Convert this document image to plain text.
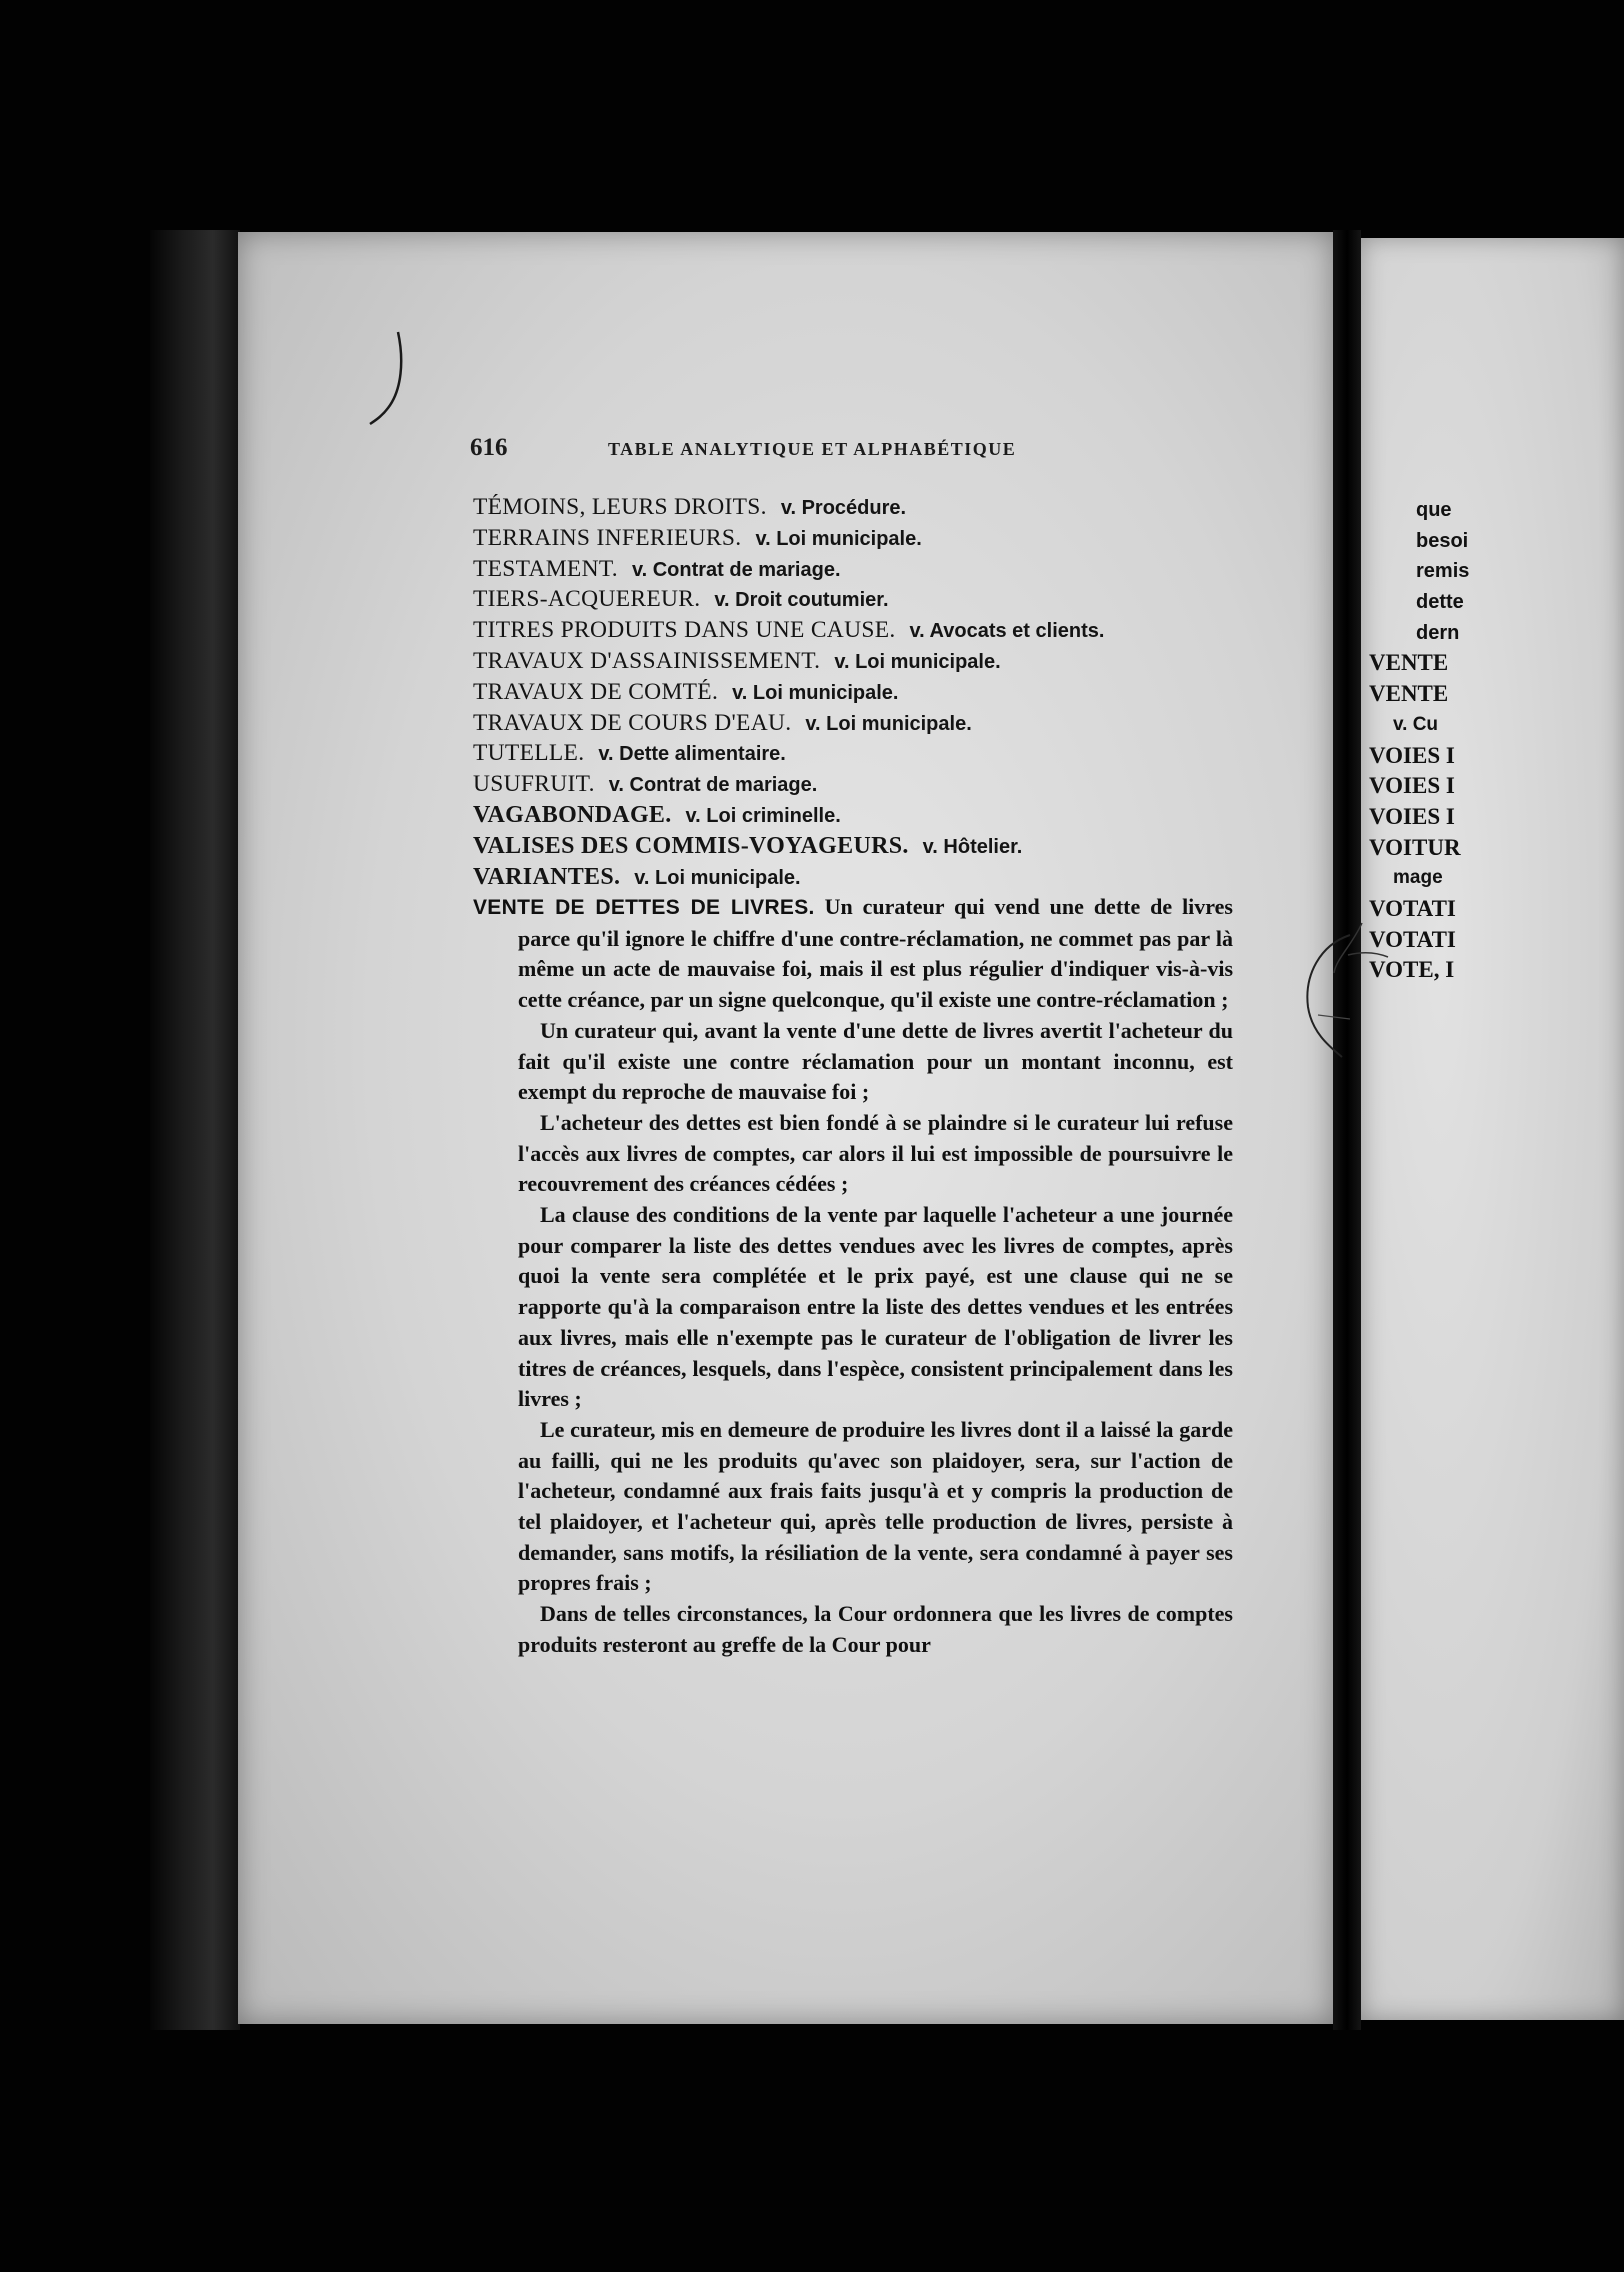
616	TABLE ANALYTIQUE ET ALPHABÉTIQUE
TÉMOINS, LEURS DROITS. v. Procédure.
TERRAINS INFERIEURS. v. Loi municipale.
TESTAMENT. v. Contrat de mariage.
TIERS-ACQUEREUR. v. Droit coutumier.
TITRES PRODUITS DANS UNE CAUSE. v. Avocats et clients.
TRAVAUX D'ASSAINISSEMENT. v. Loi municipale.
TRAVAUX DE COMTÉ. v. Loi municipale.
TRAVAUX DE COURS D'EAU. v. Loi municipale.
TUTELLE. v. Dette alimentaire.
USUFRUIT. v. Contrat de mariage.
VAGABONDAGE. v. Loi criminelle.
VALISES DES COMMIS-VOYAGEURS. v. Hôtelier.
VARIANTES. v. Loi municipale.

VENTE DE DETTES DE LIVRES. Un curateur qui vend une dette de livres parce qu'il ignore le chiffre d'une contre-réclamation, ne commet pas par là même un acte de mauvaise foi, mais il est plus régulier d'indiquer vis-à-vis cette créance, par un signe quelconque, qu'il existe une contre-réclamation ;

Un curateur qui, avant la vente d'une dette de livres avertit l'acheteur du fait qu'il existe une contre réclamation pour un montant inconnu, est exempt du reproche de mauvaise foi ;

L'acheteur des dettes est bien fondé à se plaindre si le curateur lui refuse l'accès aux livres de comptes, car alors il lui est impossible de poursuivre le recouvrement des créances cédées ;

La clause des conditions de la vente par laquelle l'acheteur a une journée pour comparer la liste des dettes vendues avec les livres de comptes, après quoi la vente sera complétée et le prix payé, est une clause qui ne se rapporte qu'à la comparaison entre la liste des dettes vendues et les entrées aux livres, mais elle n'exempte pas le curateur de l'obligation de livrer les titres de créances, lesquels, dans l'espèce, consistent principalement dans les livres ;

Le curateur, mis en demeure de produire les livres dont il a laissé la garde au failli, qui ne les produits qu'avec son plaidoyer, sera, sur l'action de l'acheteur, condamné aux frais faits jusqu'à et y compris la production de tel plaidoyer, et l'acheteur qui, après telle production de livres, persiste à demander, sans motifs, la résiliation de la vente, sera condamné à payer ses propres frais ;

Dans de telles circonstances, la Cour ordonnera que les livres de comptes produits resteront au greffe de la Cour pour

que
besoi
remis
dette
dern
VENTE
VENTE
v. Cu
VOIES I
VOIES I
VOIES I
VOITUR
mage
VOTATI
VOTATI
VOTE, I
